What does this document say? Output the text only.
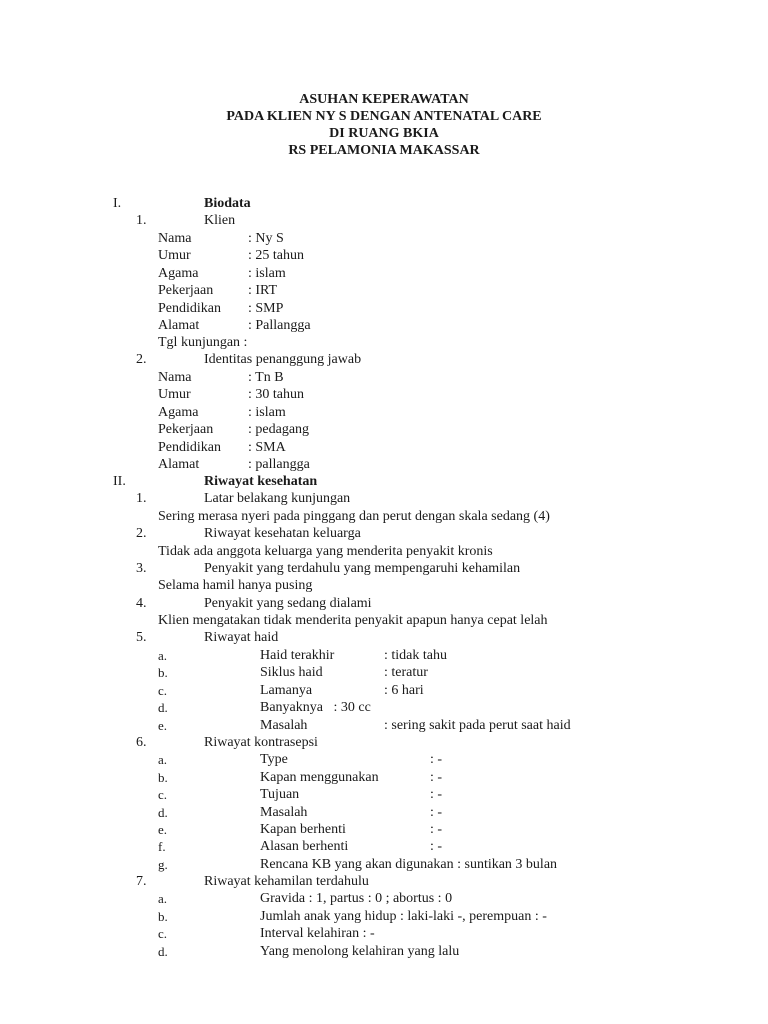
ASUHAN KEPERAWATAN
PADA KLIEN NY S DENGAN ANTENATAL CARE
DI RUANG BKIA
RS PELAMONIA MAKASSAR
I.	Biodata
1.	Klien
Nama	: Ny S
Umur	: 25 tahun
Agama	: islam
Pekerjaan : IRT
Pendidikan : SMP
Alamat	: Pallangga
Tgl kunjungan :
2.	Identitas penanggung jawab
Nama	: Tn B
Umur	: 30 tahun
Agama	: islam
Pekerjaan : pedagang
Pendidikan : SMA
Alamat	: pallangga
II.	Riwayat kesehatan
1.	Latar belakang kunjungan
Sering merasa nyeri pada pinggang dan perut dengan skala sedang (4)
2.	Riwayat kesehatan keluarga
Tidak ada anggota keluarga yang menderita penyakit kronis
3.	Penyakit yang terdahulu yang mempengaruhi kehamilan
Selama hamil hanya pusing
4.	Penyakit yang sedang dialami
Klien mengatakan tidak menderita penyakit apapun hanya cepat lelah
5.	Riwayat haid
a.	Haid terakhir	: tidak tahu
b.	Siklus haid	: teratur
c.	Lamanya	: 6 hari
d.	Banyaknya   : 30 cc
e.	Masalah	: sering sakit pada perut saat haid
6.	Riwayat kontrasepsi
a.	Type	: -
b.	Kapan menggunakan	: -
c.	Tujuan	: -
d.	Masalah	: -
e.	Kapan berhenti	: -
f.	Alasan berhenti	: -
g.	Rencana KB yang akan digunakan : suntikan 3 bulan
7.	Riwayat kehamilan terdahulu
a.	Gravida : 1, partus : 0 ; abortus : 0
b.	Jumlah anak yang hidup : laki-laki -, perempuan : -
c.	Interval kelahiran : -
d.	Yang menolong kelahiran yang lalu
